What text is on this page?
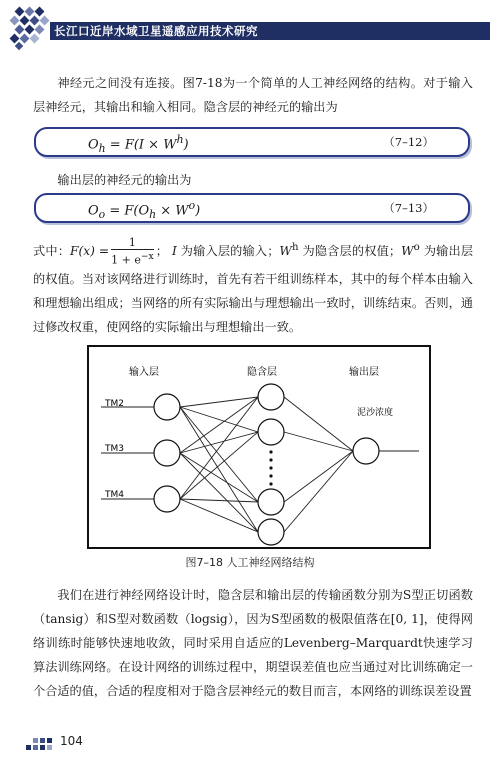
长江口近岸水域卫星遥感应用技术研究

神经元之间没有连接。图7-18为一个简单的人工神经网络的结构。对于输入层神经元，其输出和输入相同。隐含层的神经元的输出为

$O_h = F(I \times W^h)$	（7–12）

输出层的神经元的输出为

$O_o = F(O_h \times W^o)$	（7–13）

式中：$F(x) = \frac{1}{1 + e^{-x}}$ ； I 为输入层的输入；$W^h$ 为隐含层的权值；$W^o$ 为输出层的权值。当对该网络进行训练时，首先有若干组训练样本，其中的每个样本由输入和理想输出组成；当网络的所有实际输出与理想输出一致时，训练结束。否则，通过修改权重，使网络的实际输出与理想输出一致。

输入层	隐含层	输出层
TM2
TM3
TM4
泥沙浓度
图7–18 人工神经网络结构

我们在进行神经网络设计时，隐含层和输出层的传输函数分别为S型正切函数（tansig）和S型对数函数（logsig），因为S型函数的极限值落在[0, 1]，使得网络训练时能够快速地收敛，同时采用自适应的Levenberg–Marquardt快速学习算法训练网络。在设计网络的训练过程中，期望误差值也应当通过对比训练确定一个合适的值，合适的程度相对于隐含层神经元的数目而言，本网络的训练误差设置

104
